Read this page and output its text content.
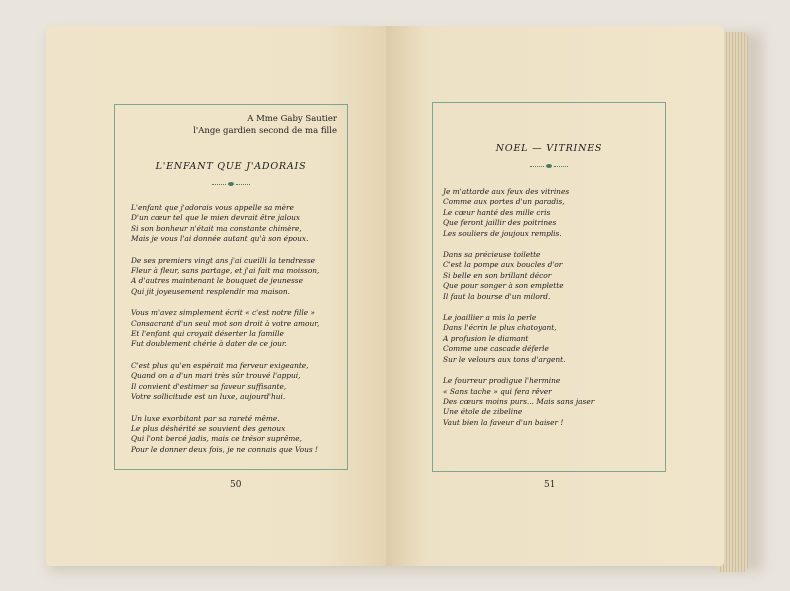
A Mme Gaby Sautier
l'Ange gardien second de ma fille
L'ENFANT QUE J'ADORAIS
L'enfant que j'adorais vous appelle sa mère
D'un cœur tel que le mien devrait être jaloux
Si son bonheur n'était ma constante chimère,
Mais je vous l'ai donnée autant qu'à son époux.
De ses premiers vingt ans j'ai cueilli la tendresse
Fleur à fleur, sans partage, et j'ai fait ma moisson,
A d'autres maintenant le bouquet de jeunesse
Qui jit joyeusement resplendir ma maison.
Vous m'avez simplement écrit « c'est notre fille »
Consacrant d'un seul mot son droit à votre amour,
Et l'enfant qui croyait déserter la famille
Fut doublement chérie à dater de ce jour.
C'est plus qu'en espérait ma ferveur exigeante,
Quand on a d'un mari très sûr trouvé l'appui,
Il convient d'estimer sa faveur suffisante,
Votre sollicitude est un luxe, aujourd'hui.
Un luxe exorbitant par sa rareté même.
Le plus déshérité se souvient des genoux
Qui l'ont bercé jadis, mais ce trésor suprême,
Pour le donner deux fois, je ne connais que Vous !
50
NOEL — VITRINES
Je m'attarde aux feux des vitrines
Comme aux portes d'un paradis,
Le cœur hanté des mille cris
Que feront jaillir des poitrines
Les souliers de joujoux remplis.
Dans sa précieuse toilette
C'est la pompe aux boucles d'or
Si belle en son brillant décor
Que pour songer à son emplette
Il faut la bourse d'un milord.
Le joaillier a mis la perle
Dans l'écrin le plus chatoyant,
A profusion le diamant
Comme une cascade déferle
Sur le velours aux tons d'argent.
Le fourreur prodigue l'hermine
« Sans tache » qui fera rêver
Des cœurs moins purs... Mais sans jaser
Une étole de zibeline
Vaut bien la faveur d'un baiser !
51
